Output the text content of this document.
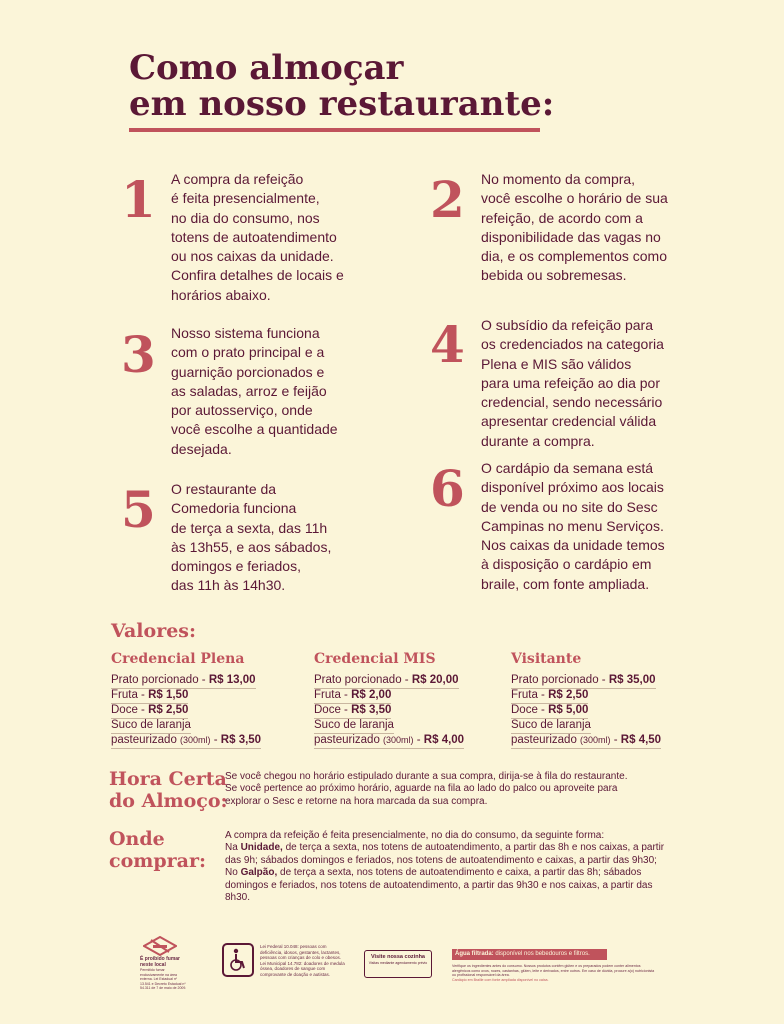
Como almoçar
em nosso restaurante:
1 A compra da refeição
é feita presencialmente,
no dia do consumo, nos
totens de autoatendimento
ou nos caixas da unidade.
Confira detalhes de locais e
horários abaixo.
2 No momento da compra,
você escolhe o horário de sua
refeição, de acordo com a
disponibilidade das vagas no
dia, e os complementos como
bebida ou sobremesas.
3 Nosso sistema funciona
com o prato principal e a
guarnição porcionados e
as saladas, arroz e feijão
por autosserviço, onde
você escolhe a quantidade
desejada.
4 O subsídio da refeição para
os credenciados na categoria
Plena e MIS são válidos
para uma refeição ao dia por
credencial, sendo necessário
apresentar credencial válida
durante a compra.
5 O restaurante da
Comedoria funciona
de terça a sexta, das 11h
às 13h55, e aos sábados,
domingos e feriados,
das 11h às 14h30.
6 O cardápio da semana está
disponível próximo aos locais
de venda ou no site do Sesc
Campinas no menu Serviços.
Nos caixas da unidade temos
à disposição o cardápio em
braile, com fonte ampliada.
Valores:
Credencial Plena
Prato porcionado - R$ 13,00
Fruta - R$ 1,50
Doce - R$ 2,50
Suco de laranja
pasteurizado (300ml) - R$ 3,50
Credencial MIS
Prato porcionado - R$ 20,00
Fruta - R$ 2,00
Doce - R$ 3,50
Suco de laranja
pasteurizado (300ml) - R$ 4,00
Visitante
Prato porcionado - R$ 35,00
Fruta - R$ 2,50
Doce - R$ 5,00
Suco de laranja
pasteurizado (300ml) - R$ 4,50
Hora Certa
do Almoço:
Se você chegou no horário estipulado durante a sua compra, dirija-se à fila do restaurante.
Se você pertence ao próximo horário, aguarde na fila ao lado do palco ou aproveite para explorar o Sesc e retorne na hora marcada da sua compra.
Onde
comprar:
A compra da refeição é feita presencialmente, no dia do consumo, da seguinte forma:
Na Unidade, de terça a sexta, nos totens de autoatendimento, a partir das 8h e nos caixas, a partir das 9h; sábados domingos e feriados, nos totens de autoatendimento e caixas, a partir das 9h30;
No Galpão, de terça a sexta, nos totens de autoatendimento e caixa, a partir das 8h; sábados domingos e feriados, nos totens de autoatendimento, a partir das 9h30 e nos caixas, a partir das 8h30.
É proibido fumar neste local
Permitido fumar exclusivamente na área externa. Lei Estadual nº 13.541 e Decreto Estadual nº 54.311 de 7 de maio de 2009.
Lei Federal 10.048: pessoas com deficiência, idosos, gestantes, lactantes, pessoas com crianças de colo e obesos. Lei Municipal 14.782: doadores de medula óssea, doadores de sangue com comprovante de doação e autistas.
Visite nossa cozinha
Visitas mediante agendamento prévio
Água filtrada: disponível nos bebedouros e filtros.
Verifique os ingredientes antes do consumo. Nossos produtos contêm glúten e os preparados podem conter alimentos alergênicos como ovos, nozes, castanhas, glúten, leite e derivados, entre outros. Em caso de dúvida, procure a(o) nutricionista ou profissional responsável da área.
Cardápio em Braille com fonte ampliada disponível no caixa.
